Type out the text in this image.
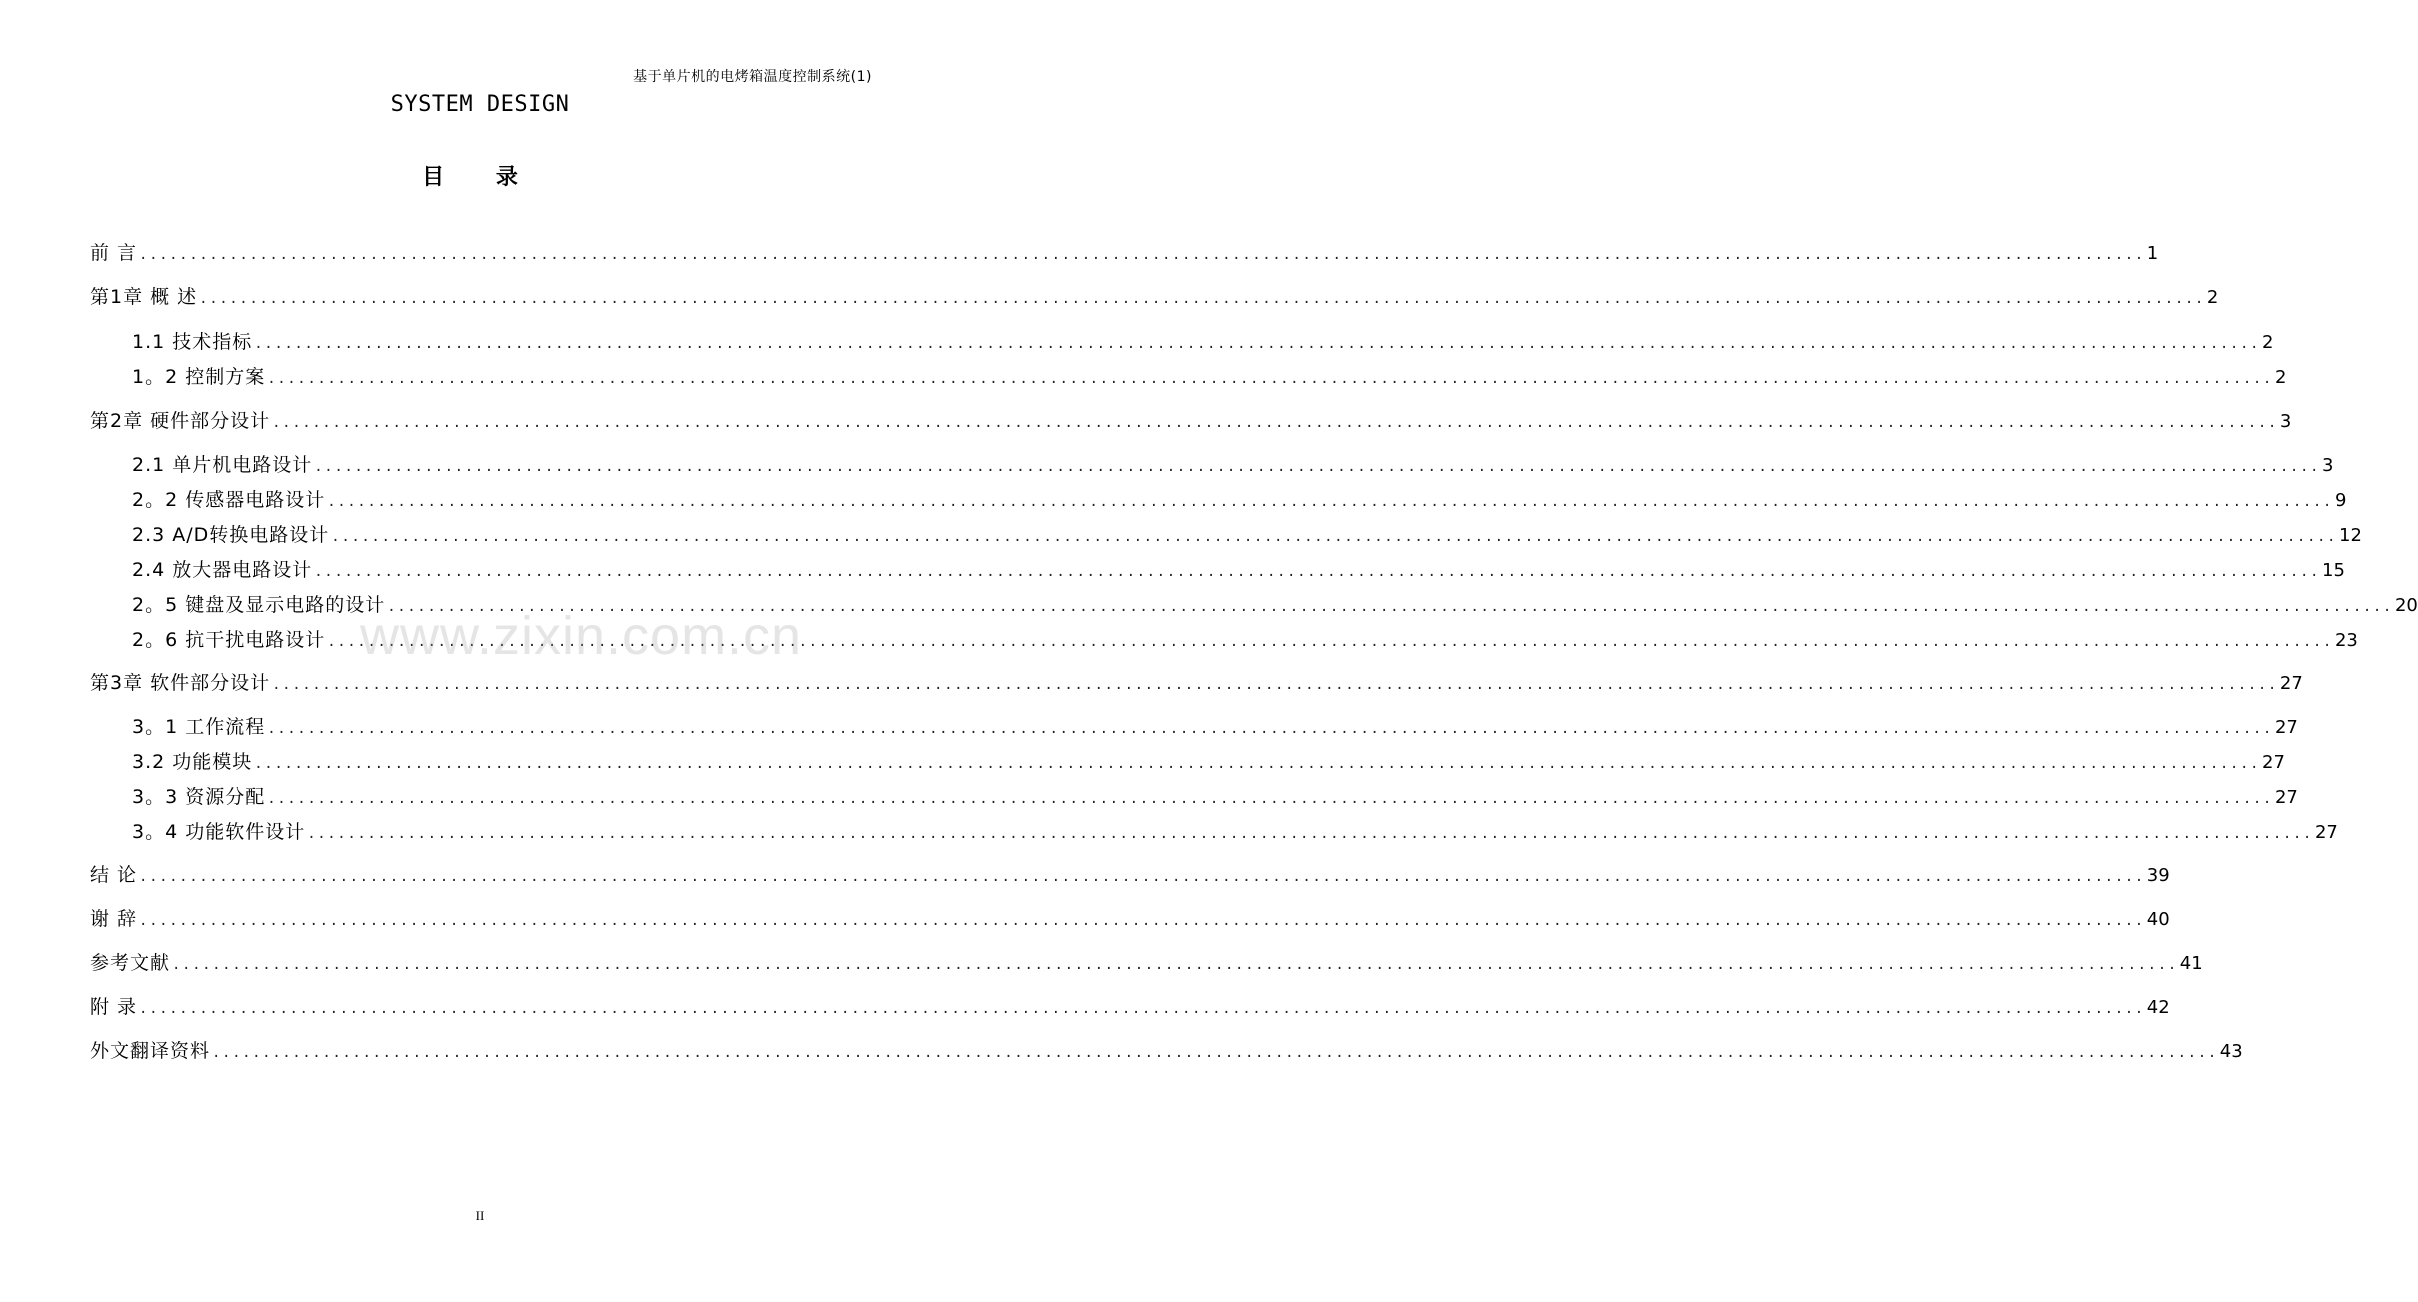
基于单片机的电烤箱温度控制系统(1)
SYSTEM DESIGN
目 录
前 言 ........................................................................................................................................................................................................ 1
第1章 概 述 ........................................................................................................................................................................................................ 2
1.1 技术指标 ........................................................................................................................................................................................................ 2
1。2 控制方案 ........................................................................................................................................................................................................ 2
第2章 硬件部分设计 ........................................................................................................................................................................................................ 3
2.1 单片机电路设计 ........................................................................................................................................................................................................ 3
2。2 传感器电路设计 ........................................................................................................................................................................................................ 9
2.3 A/D转换电路设计 ........................................................................................................................................................................................................ 12
2.4 放大器电路设计 ........................................................................................................................................................................................................ 15
2。5 键盘及显示电路的设计 ........................................................................................................................................................................................................ 20
2。6 抗干扰电路设计 ........................................................................................................................................................................................................ 23
第3章 软件部分设计 ........................................................................................................................................................................................................ 27
3。1 工作流程 ........................................................................................................................................................................................................ 27
3.2 功能模块 ........................................................................................................................................................................................................ 27
3。3 资源分配 ........................................................................................................................................................................................................ 27
3。4 功能软件设计 ........................................................................................................................................................................................................ 27
结 论 ........................................................................................................................................................................................................ 39
谢 辞 ........................................................................................................................................................................................................ 40
参考文献 ........................................................................................................................................................................................................ 41
附 录 ........................................................................................................................................................................................................ 42
外文翻译资料 ........................................................................................................................................................................................................ 43
www.zixin.com.cn
II
